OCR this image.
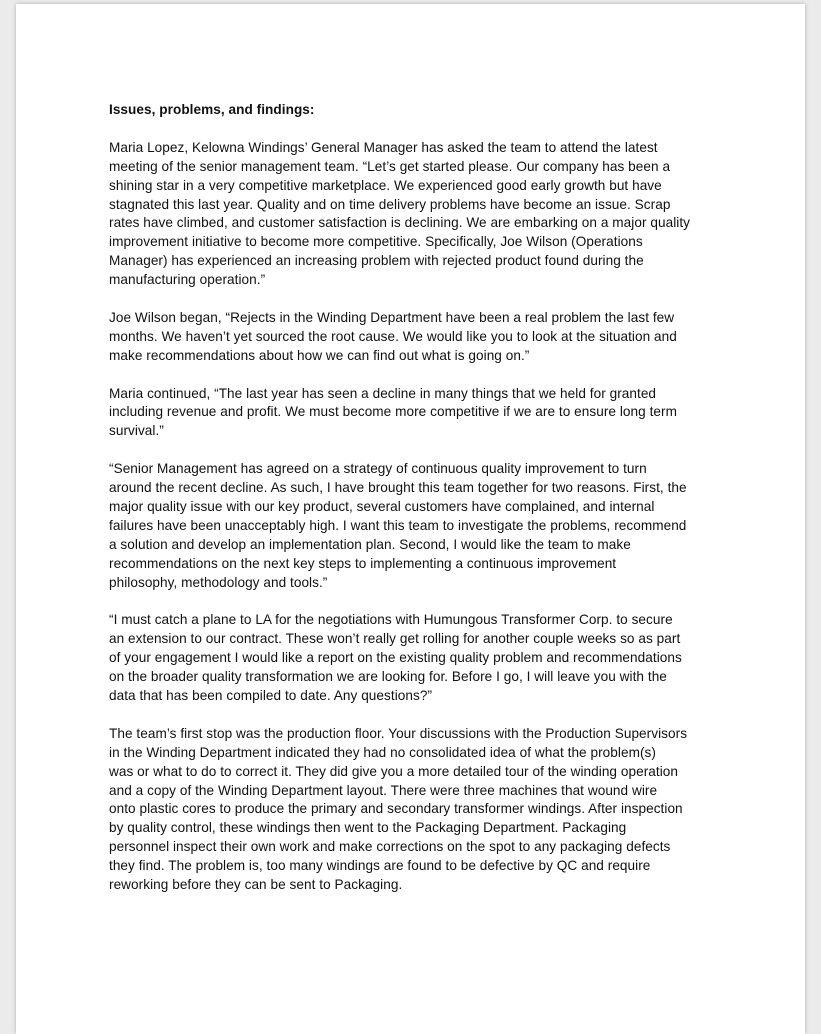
Issues, problems, and findings:
Maria Lopez, Kelowna Windings’ General Manager has asked the team to attend the latest
meeting of the senior management team. “Let’s get started please. Our company has been a
shining star in a very competitive marketplace. We experienced good early growth but have
stagnated this last year. Quality and on time delivery problems have become an issue. Scrap
rates have climbed, and customer satisfaction is declining. We are embarking on a major quality
improvement initiative to become more competitive. Specifically, Joe Wilson (Operations
Manager) has experienced an increasing problem with rejected product found during the
manufacturing operation.”
Joe Wilson began, “Rejects in the Winding Department have been a real problem the last few
months. We haven’t yet sourced the root cause. We would like you to look at the situation and
make recommendations about how we can find out what is going on.”
Maria continued, “The last year has seen a decline in many things that we held for granted
including revenue and profit. We must become more competitive if we are to ensure long term
survival.”
“Senior Management has agreed on a strategy of continuous quality improvement to turn
around the recent decline. As such, I have brought this team together for two reasons. First, the
major quality issue with our key product, several customers have complained, and internal
failures have been unacceptably high. I want this team to investigate the problems, recommend
a solution and develop an implementation plan. Second, I would like the team to make
recommendations on the next key steps to implementing a continuous improvement
philosophy, methodology and tools.”
“I must catch a plane to LA for the negotiations with Humungous Transformer Corp. to secure
an extension to our contract. These won’t really get rolling for another couple weeks so as part
of your engagement I would like a report on the existing quality problem and recommendations
on the broader quality transformation we are looking for. Before I go, I will leave you with the
data that has been compiled to date. Any questions?”
The team’s first stop was the production floor. Your discussions with the Production Supervisors
in the Winding Department indicated they had no consolidated idea of what the problem(s)
was or what to do to correct it. They did give you a more detailed tour of the winding operation
and a copy of the Winding Department layout. There were three machines that wound wire
onto plastic cores to produce the primary and secondary transformer windings. After inspection
by quality control, these windings then went to the Packaging Department. Packaging
personnel inspect their own work and make corrections on the spot to any packaging defects
they find. The problem is, too many windings are found to be defective by QC and require
reworking before they can be sent to Packaging.
